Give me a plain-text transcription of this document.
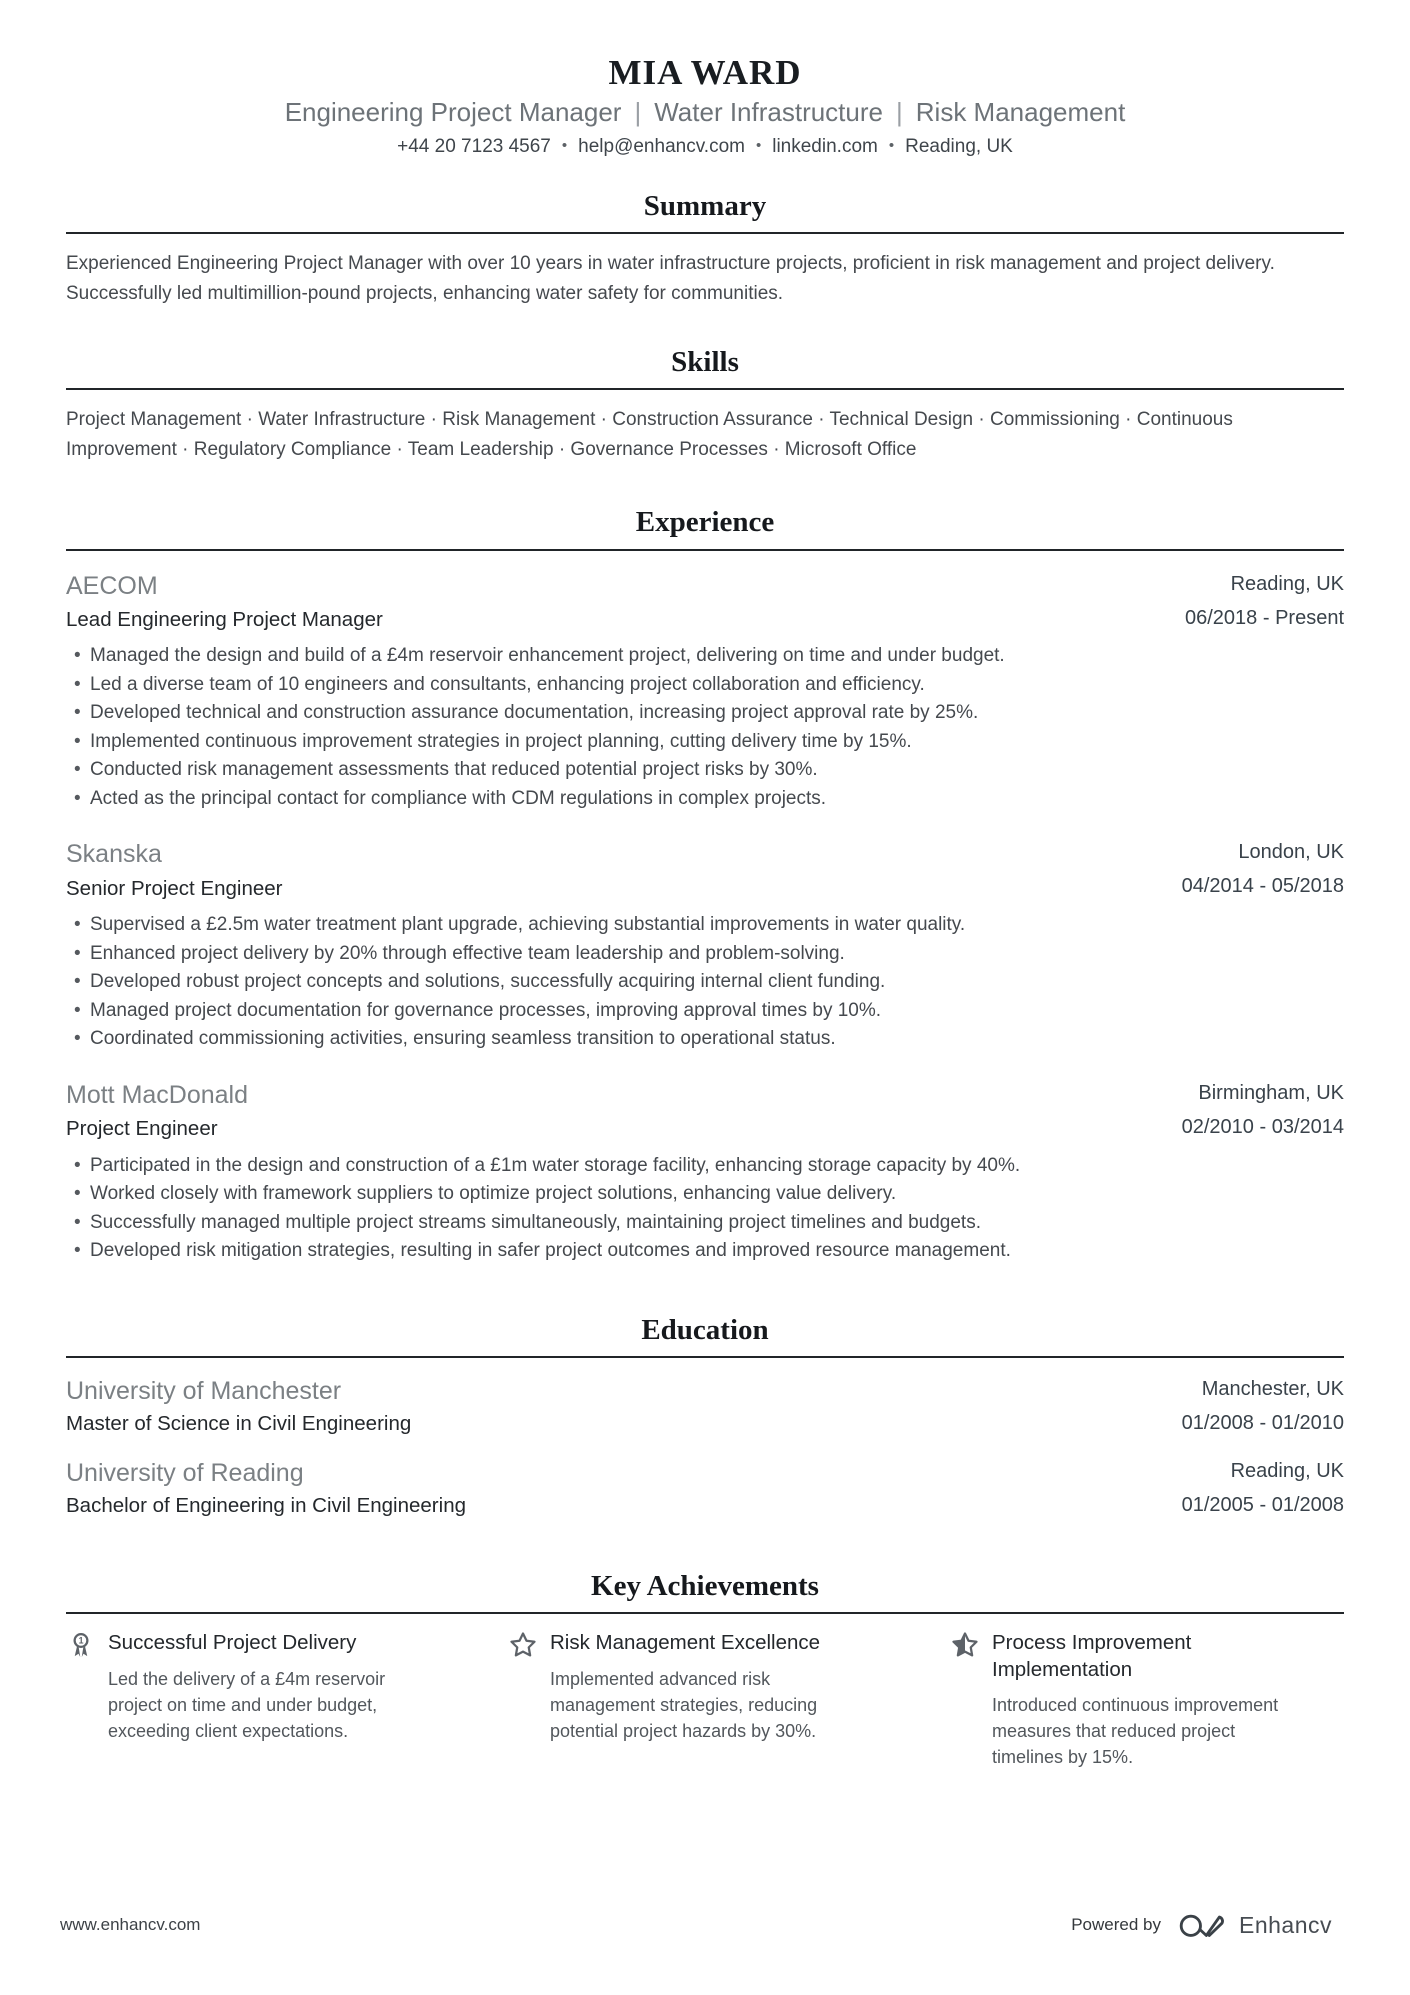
MIA WARD
Engineering Project Manager | Water Infrastructure | Risk Management
+44 20 7123 4567 • help@enhancv.com • linkedin.com • Reading, UK
Summary
Experienced Engineering Project Manager with over 10 years in water infrastructure projects, proficient in risk management and project delivery. Successfully led multimillion-pound projects, enhancing water safety for communities.
Skills
Project Management · Water Infrastructure · Risk Management · Construction Assurance · Technical Design · Commissioning · Continuous Improvement · Regulatory Compliance · Team Leadership · Governance Processes · Microsoft Office
Experience
AECOM
Lead Engineering Project Manager
Reading, UK
06/2018 - Present
• Managed the design and build of a £4m reservoir enhancement project, delivering on time and under budget.
• Led a diverse team of 10 engineers and consultants, enhancing project collaboration and efficiency.
• Developed technical and construction assurance documentation, increasing project approval rate by 25%.
• Implemented continuous improvement strategies in project planning, cutting delivery time by 15%.
• Conducted risk management assessments that reduced potential project risks by 30%.
• Acted as the principal contact for compliance with CDM regulations in complex projects.
Skanska
Senior Project Engineer
London, UK
04/2014 - 05/2018
• Supervised a £2.5m water treatment plant upgrade, achieving substantial improvements in water quality.
• Enhanced project delivery by 20% through effective team leadership and problem-solving.
• Developed robust project concepts and solutions, successfully acquiring internal client funding.
• Managed project documentation for governance processes, improving approval times by 10%.
• Coordinated commissioning activities, ensuring seamless transition to operational status.
Mott MacDonald
Project Engineer
Birmingham, UK
02/2010 - 03/2014
• Participated in the design and construction of a £1m water storage facility, enhancing storage capacity by 40%.
• Worked closely with framework suppliers to optimize project solutions, enhancing value delivery.
• Successfully managed multiple project streams simultaneously, maintaining project timelines and budgets.
• Developed risk mitigation strategies, resulting in safer project outcomes and improved resource management.
Education
University of Manchester
Master of Science in Civil Engineering
Manchester, UK
01/2008 - 01/2010
University of Reading
Bachelor of Engineering in Civil Engineering
Reading, UK
01/2005 - 01/2008
Key Achievements
1 Successful Project Delivery
Led the delivery of a £4m reservoir project on time and under budget, exceeding client expectations.
Risk Management Excellence
Implemented advanced risk management strategies, reducing potential project hazards by 30%.
Process Improvement Implementation
Introduced continuous improvement measures that reduced project timelines by 15%.
www.enhancv.com	Powered by	Enhancv
